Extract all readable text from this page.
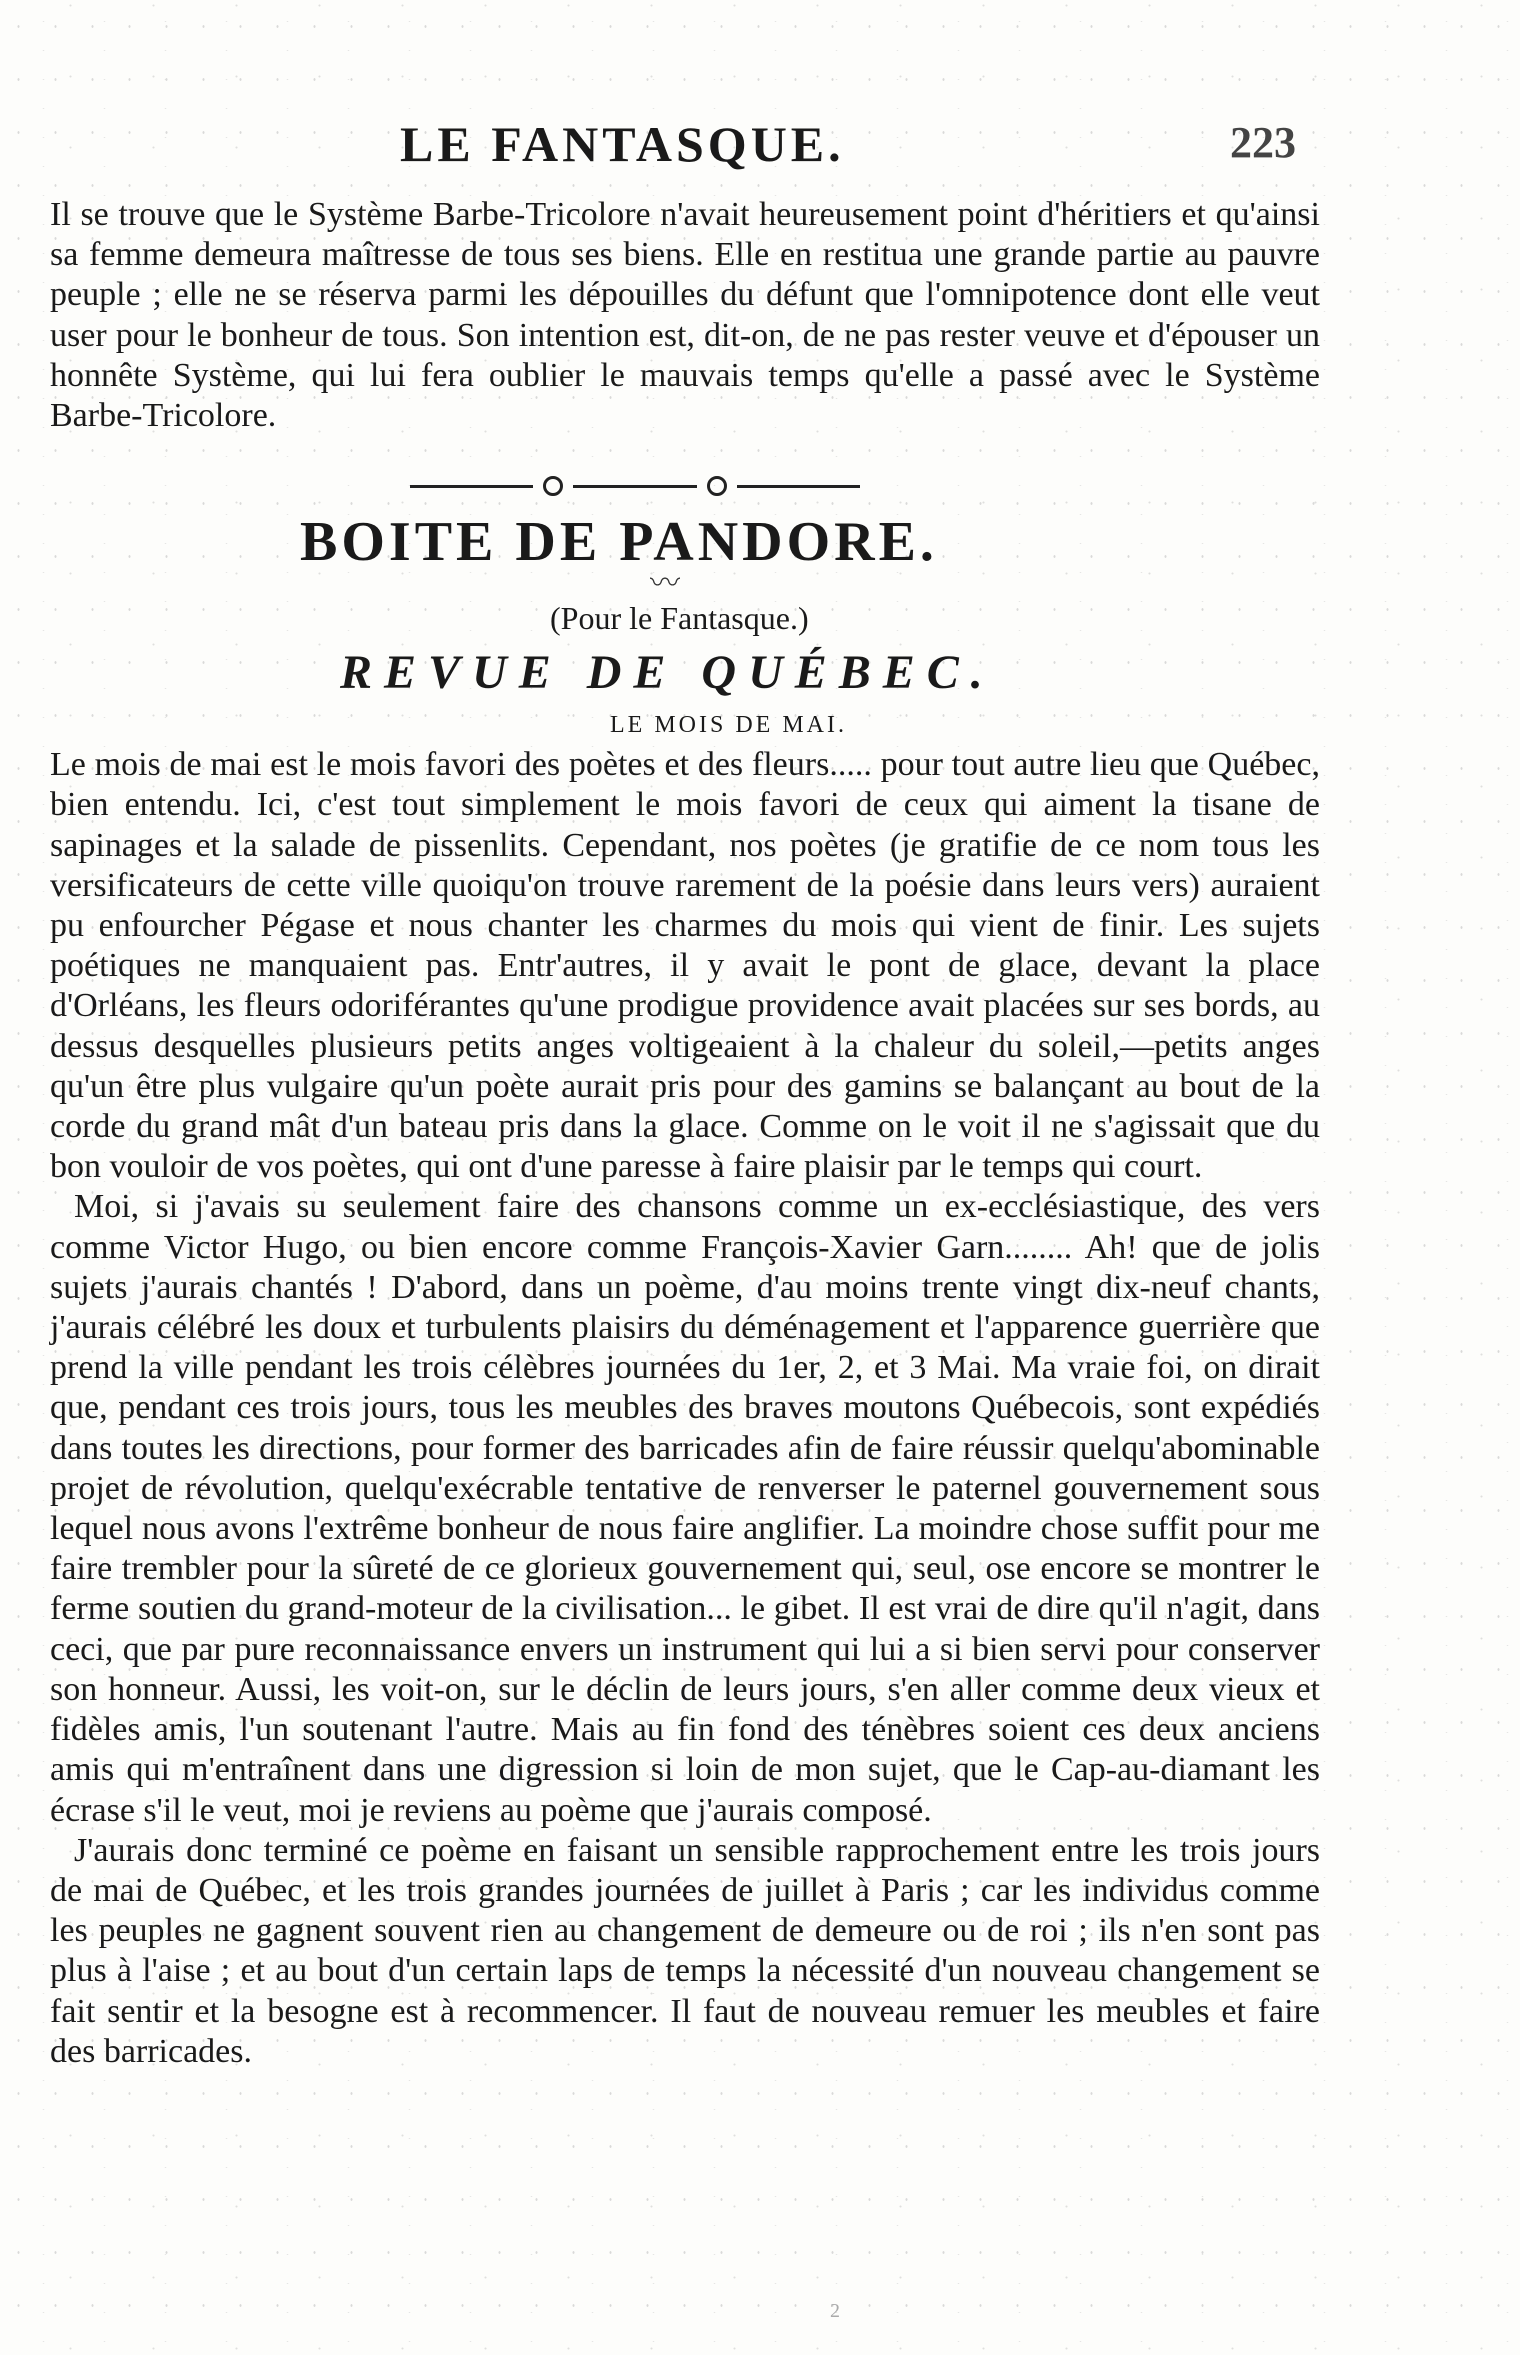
LE FANTASQUE.	223

Il se trouve que le Système Barbe-Tricolore n'avait heureusement point d'héritiers et qu'ainsi sa femme demeura maîtresse de tous ses biens. Elle en restitua une grande partie au pauvre peuple ; elle ne se réserva parmi les dépouilles du défunt que l'omnipotence dont elle veut user pour le bonheur de tous. Son intention est, dit-on, de ne pas rester veuve et d'épouser un honnête Système, qui lui fera oublier le mauvais temps qu'elle a passé avec le Système Barbe-Tricolore.

BOITE DE PANDORE.
〰
(Pour le Fantasque.)
REVUE DE QUÉBEC.
LE MOIS DE MAI.

Le mois de mai est le mois favori des poètes et des fleurs..... pour tout autre lieu que Québec, bien entendu. Ici, c'est tout simplement le mois favori de ceux qui aiment la tisane de sapinages et la salade de pissenlits. Cependant, nos poètes (je gratifie de ce nom tous les versificateurs de cette ville quoiqu'on trouve rarement de la poésie dans leurs vers) auraient pu enfourcher Pégase et nous chanter les charmes du mois qui vient de finir. Les sujets poétiques ne manquaient pas. Entr'autres, il y avait le pont de glace, devant la place d'Orléans, les fleurs odoriférantes qu'une prodigue providence avait placées sur ses bords, au dessus desquelles plusieurs petits anges voltigeaient à la chaleur du soleil,—petits anges qu'un être plus vulgaire qu'un poète aurait pris pour des gamins se balançant au bout de la corde du grand mât d'un bateau pris dans la glace. Comme on le voit il ne s'agissait que du bon vouloir de vos poètes, qui ont d'une paresse à faire plaisir par le temps qui court.

Moi, si j'avais su seulement faire des chansons comme un ex-ecclésiastique, des vers comme Victor Hugo, ou bien encore comme François-Xavier Garn........ Ah! que de jolis sujets j'aurais chantés ! D'abord, dans un poème, d'au moins trente vingt dix-neuf chants, j'aurais célébré les doux et turbulents plaisirs du déménagement et l'apparence guerrière que prend la ville pendant les trois célèbres journées du 1er, 2, et 3 Mai. Ma vraie foi, on dirait que, pendant ces trois jours, tous les meubles des braves moutons Québecois, sont expédiés dans toutes les directions, pour former des barricades afin de faire réussir quelqu'abominable projet de révolution, quelqu'exécrable tentative de renverser le paternel gouvernement sous lequel nous avons l'extrême bonheur de nous faire anglifier. La moindre chose suffit pour me faire trembler pour la sûreté de ce glorieux gouvernement qui, seul, ose encore se montrer le ferme soutien du grand-moteur de la civilisation... le gibet. Il est vrai de dire qu'il n'agit, dans ceci, que par pure reconnaissance envers un instrument qui lui a si bien servi pour conserver son honneur. Aussi, les voit-on, sur le déclin de leurs jours, s'en aller comme deux vieux et fidèles amis, l'un soutenant l'autre. Mais au fin fond des ténèbres soient ces deux anciens amis qui m'entraînent dans une digression si loin de mon sujet, que le Cap-au-diamant les écrase s'il le veut, moi je reviens au poème que j'aurais composé.

J'aurais donc terminé ce poème en faisant un sensible rapprochement entre les trois jours de mai de Québec, et les trois grandes journées de juillet à Paris ; car les individus comme les peuples ne gagnent souvent rien au changement de demeure ou de roi ; ils n'en sont pas plus à l'aise ; et au bout d'un certain laps de temps la nécessité d'un nouveau changement se fait sentir et la besogne est à recommencer. Il faut de nouveau remuer les meubles et faire des barricades.

2
